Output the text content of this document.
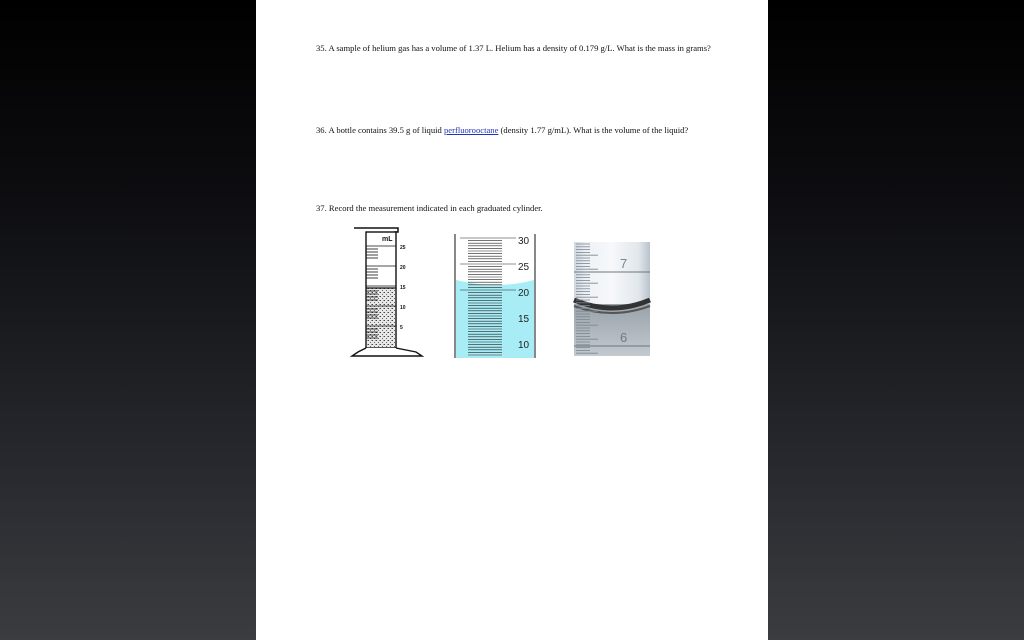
35. A sample of helium gas has a volume of 1.37 L. Helium has a density of 0.179 g/L. What is the mass in grams?
36. A bottle contains 39.5 g of liquid perfluorooctane (density 1.77 g/mL). What is the volume of the liquid?
37. Record the measurement indicated in each graduated cylinder.
mL
25
20
15
10
5
30
25
20
15
10
7
6
